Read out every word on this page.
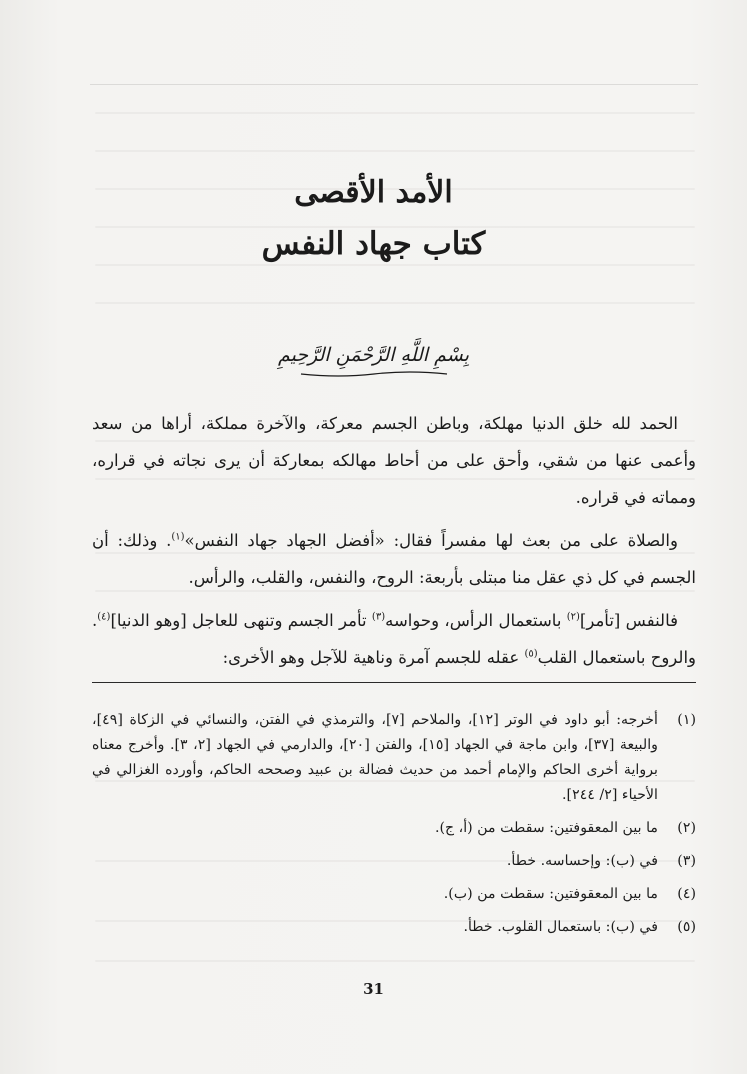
الأمد الأقصى
كتاب جهاد النفس
بِسْمِ اللَّهِ الرَّحْمَنِ الرَّحِيمِ

الحمد لله خلق الدنيا مهلكة، وباطن الجسم معركة، والآخرة مملكة، أراها من سعد وأعمى عنها من شقي، وأحق على من أحاط مهالكه بمعاركة أن يرى نجاته في قراره، ومماته في قراره.

والصلاة على من بعث لها مفسراً فقال: «أفضل الجهاد جهاد النفس»$^{(١)}$. وذلك: أن الجسم في كل ذي عقل منا مبتلى بأربعة: الروح، والنفس، والقلب، والرأس.

فالنفس [تأمر]$^{(٢)}$ باستعمال الرأس، وحواسه$^{(٣)}$ تأمر الجسم وتنهى للعاجل [وهو الدنيا]$^{(٤)}$. والروح باستعمال القلب$^{(٥)}$ عقله للجسم آمرة وناهية للآجل وهو الأخرى:

(١)
أخرجه: أبو داود في الوتر [١٢]، والملاحم [٧]، والترمذي في الفتن، والنسائي في الزكاة [٤٩]، والبيعة [٣٧]، وابن ماجة في الجهاد [١٥]، والفتن [٢٠]، والدارمي في الجهاد [٢، ٣]. وأخرج معناه برواية أخرى الحاكم والإمام أحمد من حديث فضالة بن عبيد وصححه الحاكم، وأورده الغزالي في الأحياء [٢/ ٢٤٤].
(٢)
ما بين المعقوفتين: سقطت من (أ، ج).
(٣)
في (ب): وإحساسه. خطأ.
(٤)
ما بين المعقوفتين: سقطت من (ب).
(٥)
في (ب): باستعمال القلوب. خطأ.
31
